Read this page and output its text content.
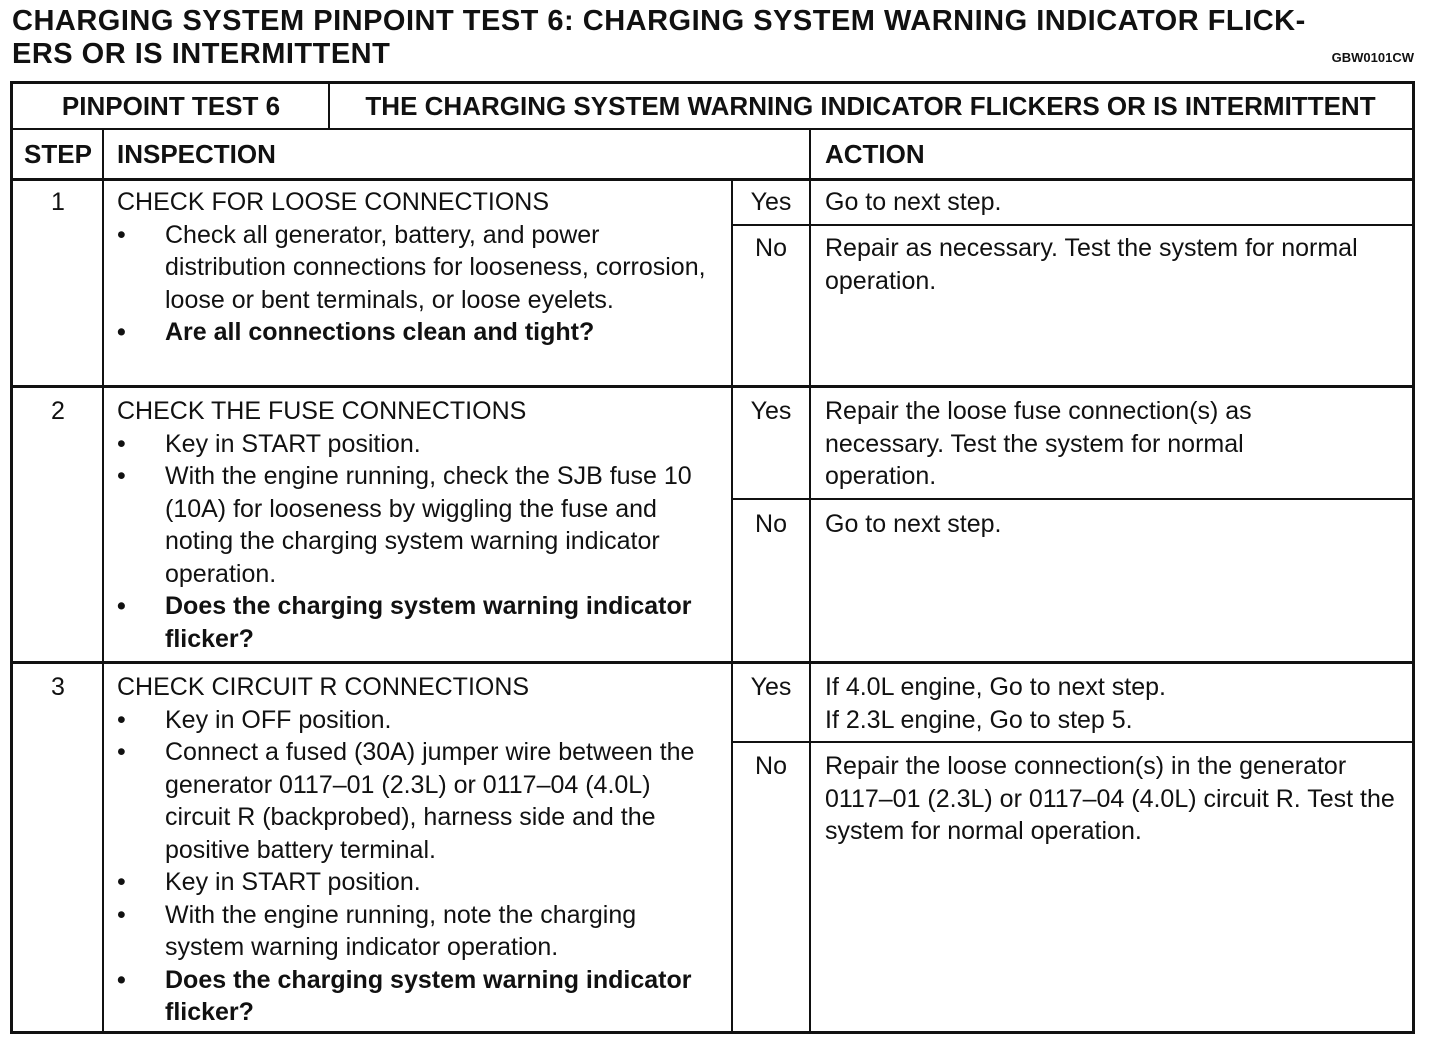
CHARGING SYSTEM PINPOINT TEST 6: CHARGING SYSTEM WARNING INDICATOR FLICK-
ERS OR IS INTERMITTENT	GBW0101CW
PINPOINT TEST 6	THE CHARGING SYSTEM WARNING INDICATOR FLICKERS OR IS INTERMITTENT
STEP INSPECTION	ACTION
1	CHECK FOR LOOSE CONNECTIONS
• Check all generator, battery, and power distribution connections for looseness, corrosion, loose or bent terminals, or loose eyelets.
• Are all connections clean and tight?
Yes	Go to next step.
No	Repair as necessary. Test the system for normal operation.
2	CHECK THE FUSE CONNECTIONS
• Key in START position.
• With the engine running, check the SJB fuse 10 (10A) for looseness by wiggling the fuse and noting the charging system warning indicator operation.
• Does the charging system warning indicator flicker?
Yes	Repair the loose fuse connection(s) as necessary. Test the system for normal operation.
No	Go to next step.
3	CHECK CIRCUIT R CONNECTIONS
• Key in OFF position.
• Connect a fused (30A) jumper wire between the generator 0117–01 (2.3L) or 0117–04 (4.0L) circuit R (backprobed), harness side and the positive battery terminal.
• Key in START position.
• With the engine running, note the charging system warning indicator operation.
• Does the charging system warning indicator flicker?
Yes	If 4.0L engine, Go to next step.
If 2.3L engine, Go to step 5.
No	Repair the loose connection(s) in the generator 0117–01 (2.3L) or 0117–04 (4.0L) circuit R. Test the system for normal operation.
